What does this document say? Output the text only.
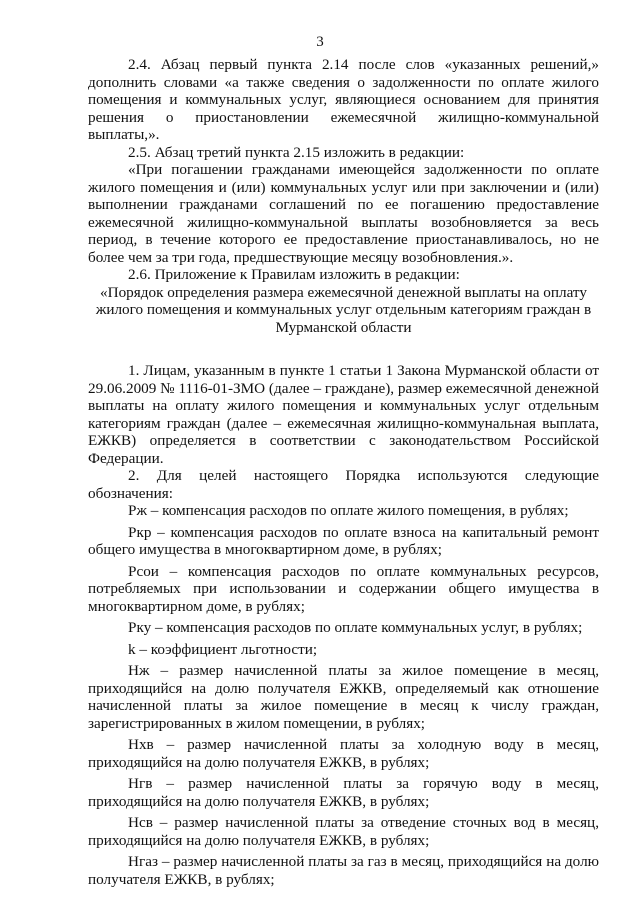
3

2.4. Абзац первый пункта 2.14 после слов «указанных решений,» дополнить словами «а также сведения о задолженности по оплате жилого помещения и коммунальных услуг, являющиеся основанием для принятия решения о приостановлении ежемесячной жилищно-коммунальной выплаты,».

2.5. Абзац третий пункта 2.15 изложить в редакции:

«При погашении гражданами имеющейся задолженности по оплате жилого помещения и (или) коммунальных услуг или при заключении и (или) выполнении гражданами соглашений по ее погашению предоставление ежемесячной жилищно-коммунальной выплаты возобновляется за весь период, в течение которого ее предоставление приостанавливалось, но не более чем за три года, предшествующие месяцу возобновления.».

2.6. Приложение к Правилам изложить в редакции:

«Порядок определения размера ежемесячной денежной выплаты на оплату жилого помещения и коммунальных услуг отдельным категориям граждан в Мурманской области

1. Лицам, указанным в пункте 1 статьи 1 Закона Мурманской области от 29.06.2009 № 1116-01-ЗМО (далее – граждане), размер ежемесячной денежной выплаты на оплату жилого помещения и коммунальных услуг отдельным категориям граждан (далее – ежемесячная жилищно-коммунальная выплата, ЕЖКВ) определяется в соответствии с законодательством Российской Федерации.

2. Для целей настоящего Порядка используются следующие обозначения:

Рж – компенсация расходов по оплате жилого помещения, в рублях;

Ркр – компенсация расходов по оплате взноса на капитальный ремонт общего имущества в многоквартирном доме, в рублях;

Рсои – компенсация расходов по оплате коммунальных ресурсов, потребляемых при использовании и содержании общего имущества в многоквартирном доме, в рублях;

Рку – компенсация расходов по оплате коммунальных услуг, в рублях;

k – коэффициент льготности;

Нж – размер начисленной платы за жилое помещение в месяц, приходящийся на долю получателя ЕЖКВ, определяемый как отношение начисленной платы за жилое помещение в месяц к числу граждан, зарегистрированных в жилом помещении, в рублях;

Нхв – размер начисленной платы за холодную воду в месяц, приходящийся на долю получателя ЕЖКВ, в рублях;

Нгв – размер начисленной платы за горячую воду в месяц, приходящийся на долю получателя ЕЖКВ, в рублях;

Нсв – размер начисленной платы за отведение сточных вод в месяц, приходящийся на долю получателя ЕЖКВ, в рублях;

Нгаз – размер начисленной платы за газ в месяц, приходящийся на долю получателя ЕЖКВ, в рублях;
